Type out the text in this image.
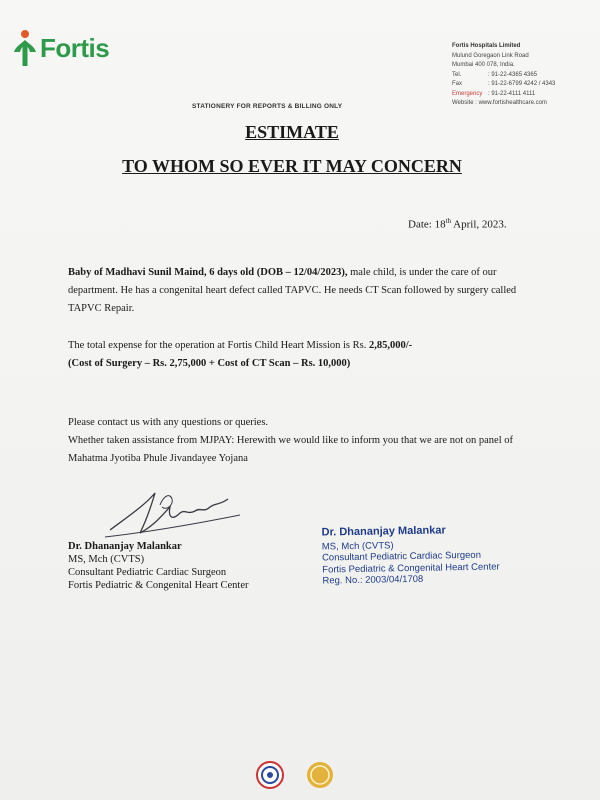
Fortis	Fortis Hospitals Limited
Mulund Goregaon Link Road
Mumbai 400 078, India.
Tel.	: 91-22-4365 4365
Fax	: 91-22-6799 4242 / 4343
Emergency : 91-22-4111 4111
Website : www.fortishealthcare.com
STATIONERY FOR REPORTS & BILLING ONLY
ESTIMATE
TO WHOM SO EVER IT MAY CONCERN
Date: 18th April, 2023.
Baby of Madhavi Sunil Maind, 6 days old (DOB – 12/04/2023), male child, is under the care of our department. He has a congenital heart defect called TAPVC. He needs CT Scan followed by surgery called TAPVC Repair.
The total expense for the operation at Fortis Child Heart Mission is Rs. 2,85,000/-
(Cost of Surgery – Rs. 2,75,000 + Cost of CT Scan – Rs. 10,000)
Please contact us with any questions or queries.
Whether taken assistance from MJPAY: Herewith we would like to inform you that we are not on panel of Mahatma Jyotiba Phule Jivandayee Yojana
Dr. Dhananjay Malankar
MS, Mch (CVTS)
Consultant Pediatric Cardiac Surgeon
Fortis Pediatric & Congenital Heart Center
Dr. Dhananjay Malankar
MS, Mch (CVTS)
Consultant Pediatric Cardiac Surgeon
Fortis Pediatric & Congenital Heart Center
Reg. No.: 2003/04/1708
